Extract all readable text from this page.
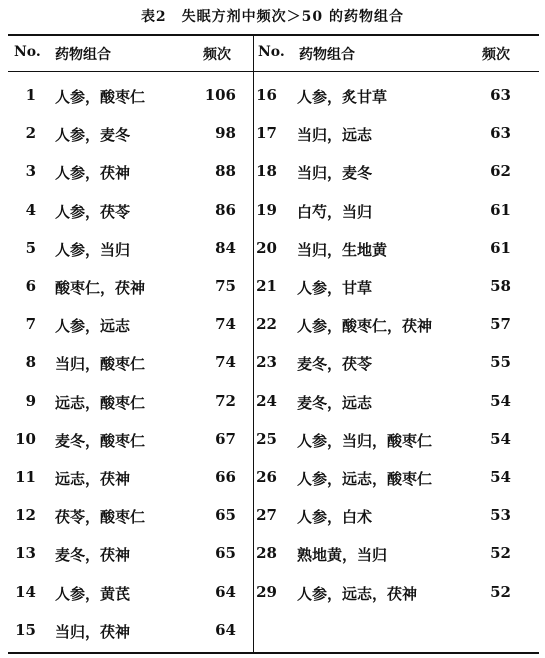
表2　失眠方剂中频次＞50 的药物组合
No. 药物组合	频次 No. 药物组合	频次
1 人参，酸枣仁	106
2 人参，麦冬	98
3 人参，茯神	88
4 人参，茯苓	86
5 人参，当归	84
6 酸枣仁，茯神	75
7 人参，远志	74
8 当归，酸枣仁	74
9 远志，酸枣仁	72
10 麦冬，酸枣仁	67
11 远志，茯神	66
12 茯苓，酸枣仁	65
13 麦冬，茯神	65
14 人参，黄芪	64
15 当归，茯神	64
16 人参，炙甘草	63
17 当归，远志	63
18 当归，麦冬	62
19 白芍，当归	61
20 当归，生地黄	61
21 人参，甘草	58
22 人参，酸枣仁，茯神	57
23 麦冬，茯苓	55
24 麦冬，远志	54
25 人参，当归，酸枣仁	54
26 人参，远志，酸枣仁	54
27 人参，白术	53
28 熟地黄，当归	52
29 人参，远志，茯神	52
